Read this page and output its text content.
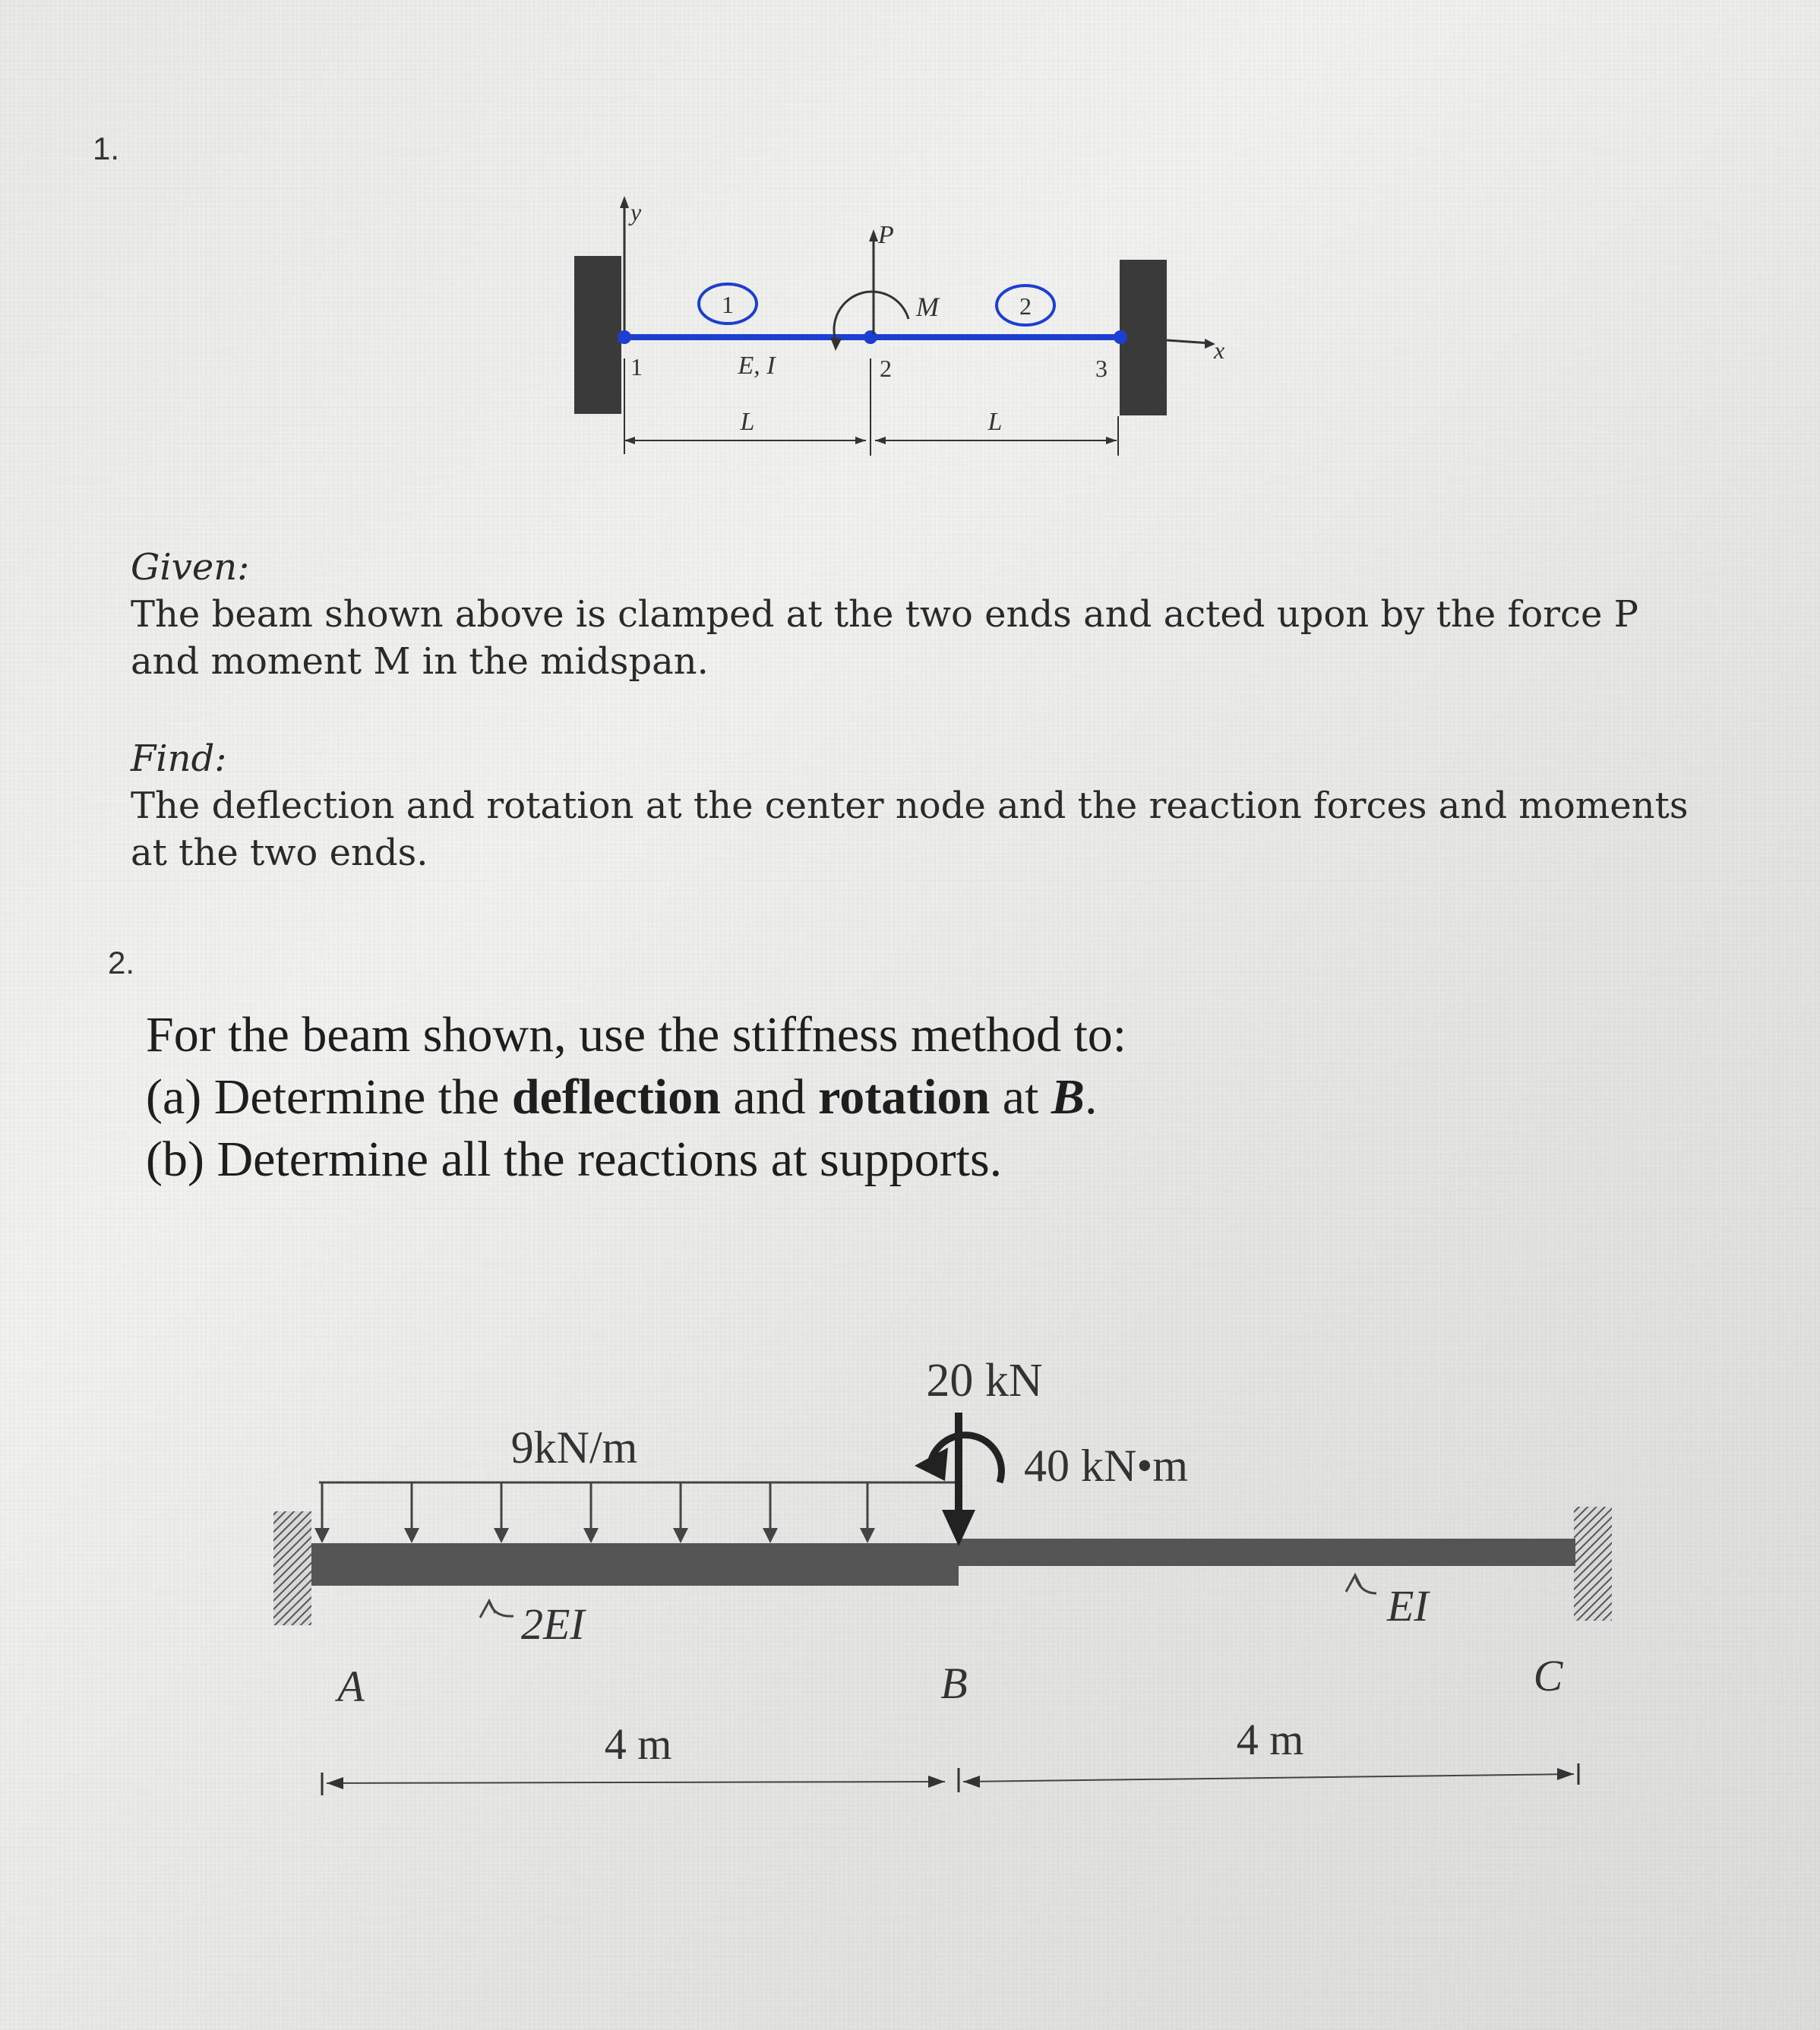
1.
y
x
P
M
1	2
1	2	3
E, I
L	L
Given:
The beam shown above is clamped at the two ends and acted upon by the force P and moment M in the midspan.
Find:
The deflection and rotation at the center node and the reaction forces and moments at the two ends.
2.
For the beam shown, use the stiffness method to:
(a) Determine the deflection and rotation at B.
(b) Determine all the reactions at supports.
9kN/m
20 kN
40 kN•m
2EI	EI
A	B	C
4 m	4 m
